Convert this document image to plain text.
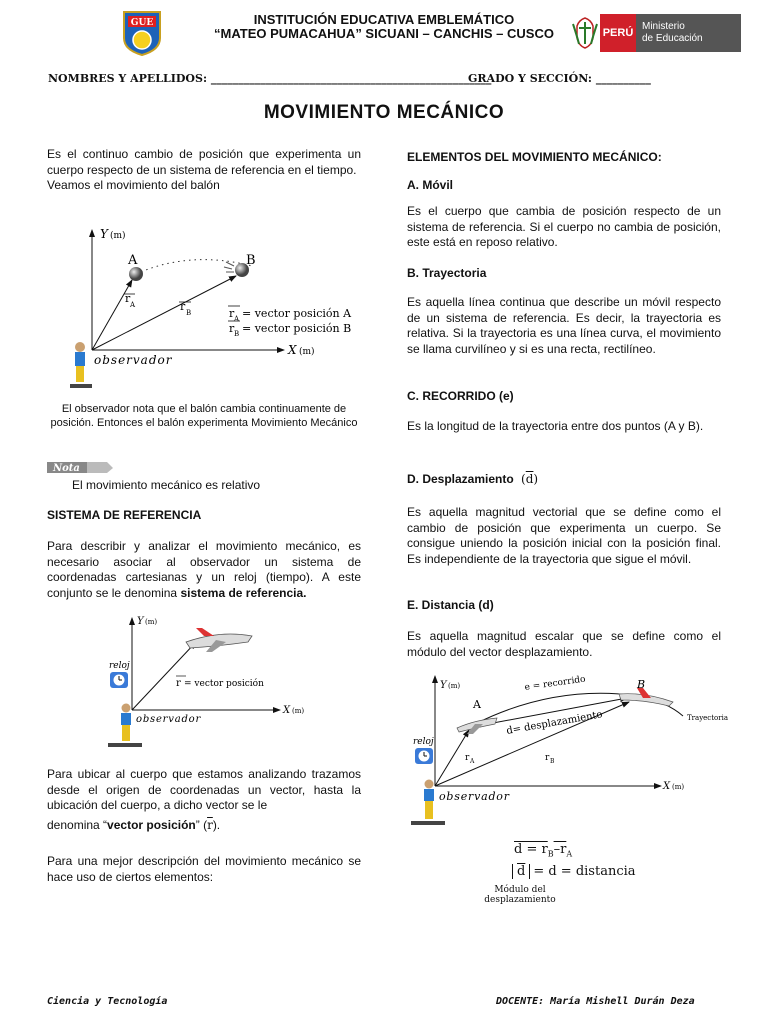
GUE	INSTITUCIÓN EDUCATIVA EMBLEMÁTICO
“MATEO PUMACAHUA” SICUANI – CANCHIS – CUSCO	PERÚ
Ministerio
de Educación
NOMBRES Y APELLIDOS: ___________________________________________________
GRADO Y SECCIÓN: __________
MOVIMIENTO MECÁNICO
Es el continuo cambio de posición que experimenta un cuerpo respecto de un sistema de referencia en el tiempo.
Veamos el movimiento del balón
Y (m)
X (m)
A	B
r A	r B	r A = vector posición A
r B = vector posición B
observador
El observador nota que el balón cambia continuamente de posición. Entonces el balón experimenta Movimiento Mecánico
Nota
El movimiento mecánico es relativo
SISTEMA DE REFERENCIA
Para describir y analizar el movimiento mecánico, es necesario asociar al observador un sistema de coordenadas cartesianas y un reloj (tiempo). A este conjunto se le denomina sistema de referencia.
Y (m)
X (m)
r = vector posición
reloj
observador
Para ubicar al cuerpo que estamos analizando trazamos desde el origen de coordenadas un vector, hasta la ubicación del cuerpo, a dicho vector se le
denomina “vector posición” $(\overline{r})$.
Para una mejor descripción del movimiento mecánico se hace uso de ciertos elementos:
ELEMENTOS DEL MOVIMIENTO MECÁNICO:
A. Móvil
Es el cuerpo que cambia de posición respecto de un sistema de referencia. Si el cuerpo no cambia de posición, este está en reposo relativo.
B. Trayectoria
Es aquella línea continua que describe un móvil respecto de un sistema de referencia. Es decir, la trayectoria es relativa. Si la trayectoria es una línea curva, el movimiento se llama curvilíneo y si es una recta, rectilíneo.
C. RECORRIDO (e)
Es la longitud de la trayectoria entre dos puntos (A y B).
D. Desplazamiento $(\overline{d})$
Es aquella magnitud vectorial que se define como el cambio de posición que experimenta un cuerpo. Se consigue uniendo la posición inicial con la posición final. Es independiente de la trayectoria que sigue el móvil.
E. Distancia (d)
Es aquella magnitud escalar que se define como el módulo del vector desplazamiento.
Y (m)
X (m)
Trayectoria
A
B
e = recorrido
d= desplazamiento
r A	r B
reloj
observador
$d = r_B-r_A$
$\overline{d} = d$ = distancia
Módulo del
desplazamiento
Ciencia y Tecnología	DOCENTE: María Mishell Durán Deza
